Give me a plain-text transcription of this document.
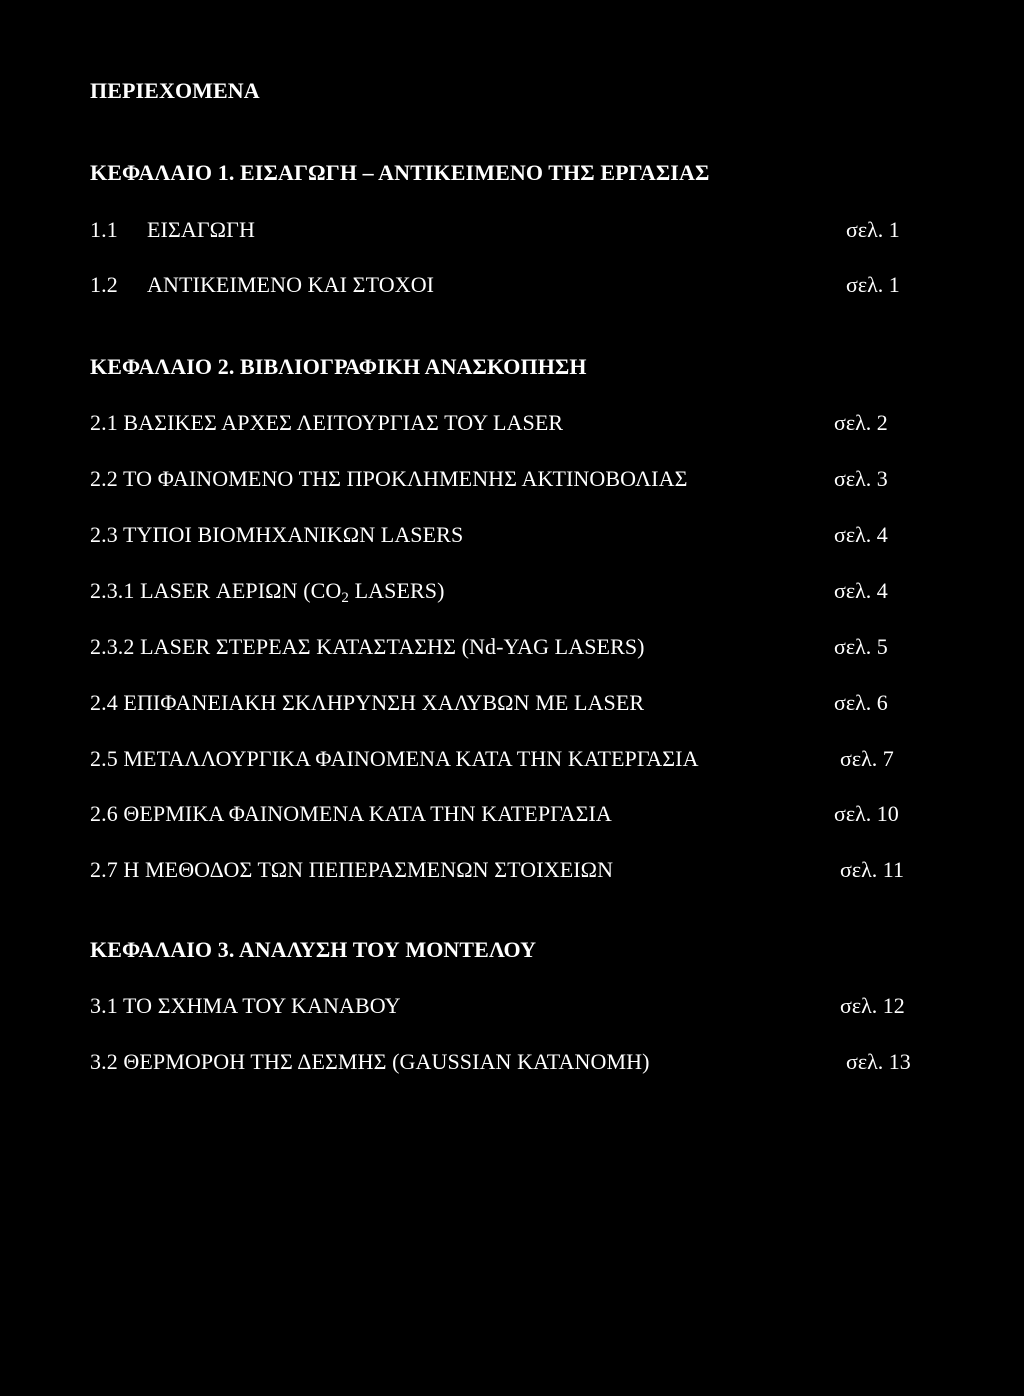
ΠΕΡΙΕΧΟΜΕΝΑ
ΚΕΦΑΛΑΙΟ 1. ΕΙΣΑΓΩΓΗ – ΑΝΤΙΚΕΙΜΕΝΟ ΤΗΣ ΕΡΓΑΣΙΑΣ
1.1 ΕΙΣΑΓΩΓΗ	σελ. 1
1.2 ΑΝΤΙΚΕΙΜΕΝΟ ΚΑΙ ΣΤΟΧΟΙ	σελ. 1
ΚΕΦΑΛΑΙΟ 2. ΒΙΒΛΙΟΓΡΑΦΙΚΗ ΑΝΑΣΚΟΠΗΣΗ
2.1 ΒΑΣΙΚΕΣ ΑΡΧΕΣ ΛΕΙΤΟΥΡΓΙΑΣ ΤΟΥ LASER	σελ. 2
2.2 ΤΟ ΦΑΙΝΟΜΕΝΟ ΤΗΣ ΠΡΟΚΛΗΜΕΝΗΣ ΑΚΤΙΝΟΒΟΛΙΑΣ	σελ. 3
2.3 ΤΥΠΟΙ ΒΙΟΜΗΧΑΝΙΚΩΝ LASERS	σελ. 4
2.3.1 LASER ΑΕΡΙΩΝ ($CO_2$ LASERS)	σελ. 4
2.3.2 LASER ΣΤΕΡΕΑΣ ΚΑΤΑΣΤΑΣΗΣ (Nd-YAG LASERS)	σελ. 5
2.4 ΕΠΙΦΑΝΕΙΑΚΗ ΣΚΛΗΡΥΝΣΗ ΧΑΛΥΒΩΝ ΜΕ LASER	σελ. 6
2.5 ΜΕΤΑΛΛΟΥΡΓΙΚΑ ΦΑΙΝΟΜΕΝΑ ΚΑΤΑ ΤΗΝ ΚΑΤΕΡΓΑΣΙΑ	σελ. 7
2.6 ΘΕΡΜΙΚΑ ΦΑΙΝΟΜΕΝΑ ΚΑΤΑ ΤΗΝ ΚΑΤΕΡΓΑΣΙΑ	σελ. 10
2.7 Η ΜΕΘΟΔΟΣ ΤΩΝ ΠΕΠΕΡΑΣΜΕΝΩΝ ΣΤΟΙΧΕΙΩΝ	σελ. 11
ΚΕΦΑΛΑΙΟ 3. ΑΝΑΛΥΣΗ ΤΟΥ ΜΟΝΤΕΛΟΥ
3.1 ΤΟ ΣΧΗΜΑ ΤΟΥ ΚΑΝΑΒΟΥ	σελ. 12
3.2 ΘΕΡΜΟΡΟΗ ΤΗΣ ΔΕΣΜΗΣ (GAUSSIAN ΚΑΤΑΝΟΜΗ)	σελ. 13
